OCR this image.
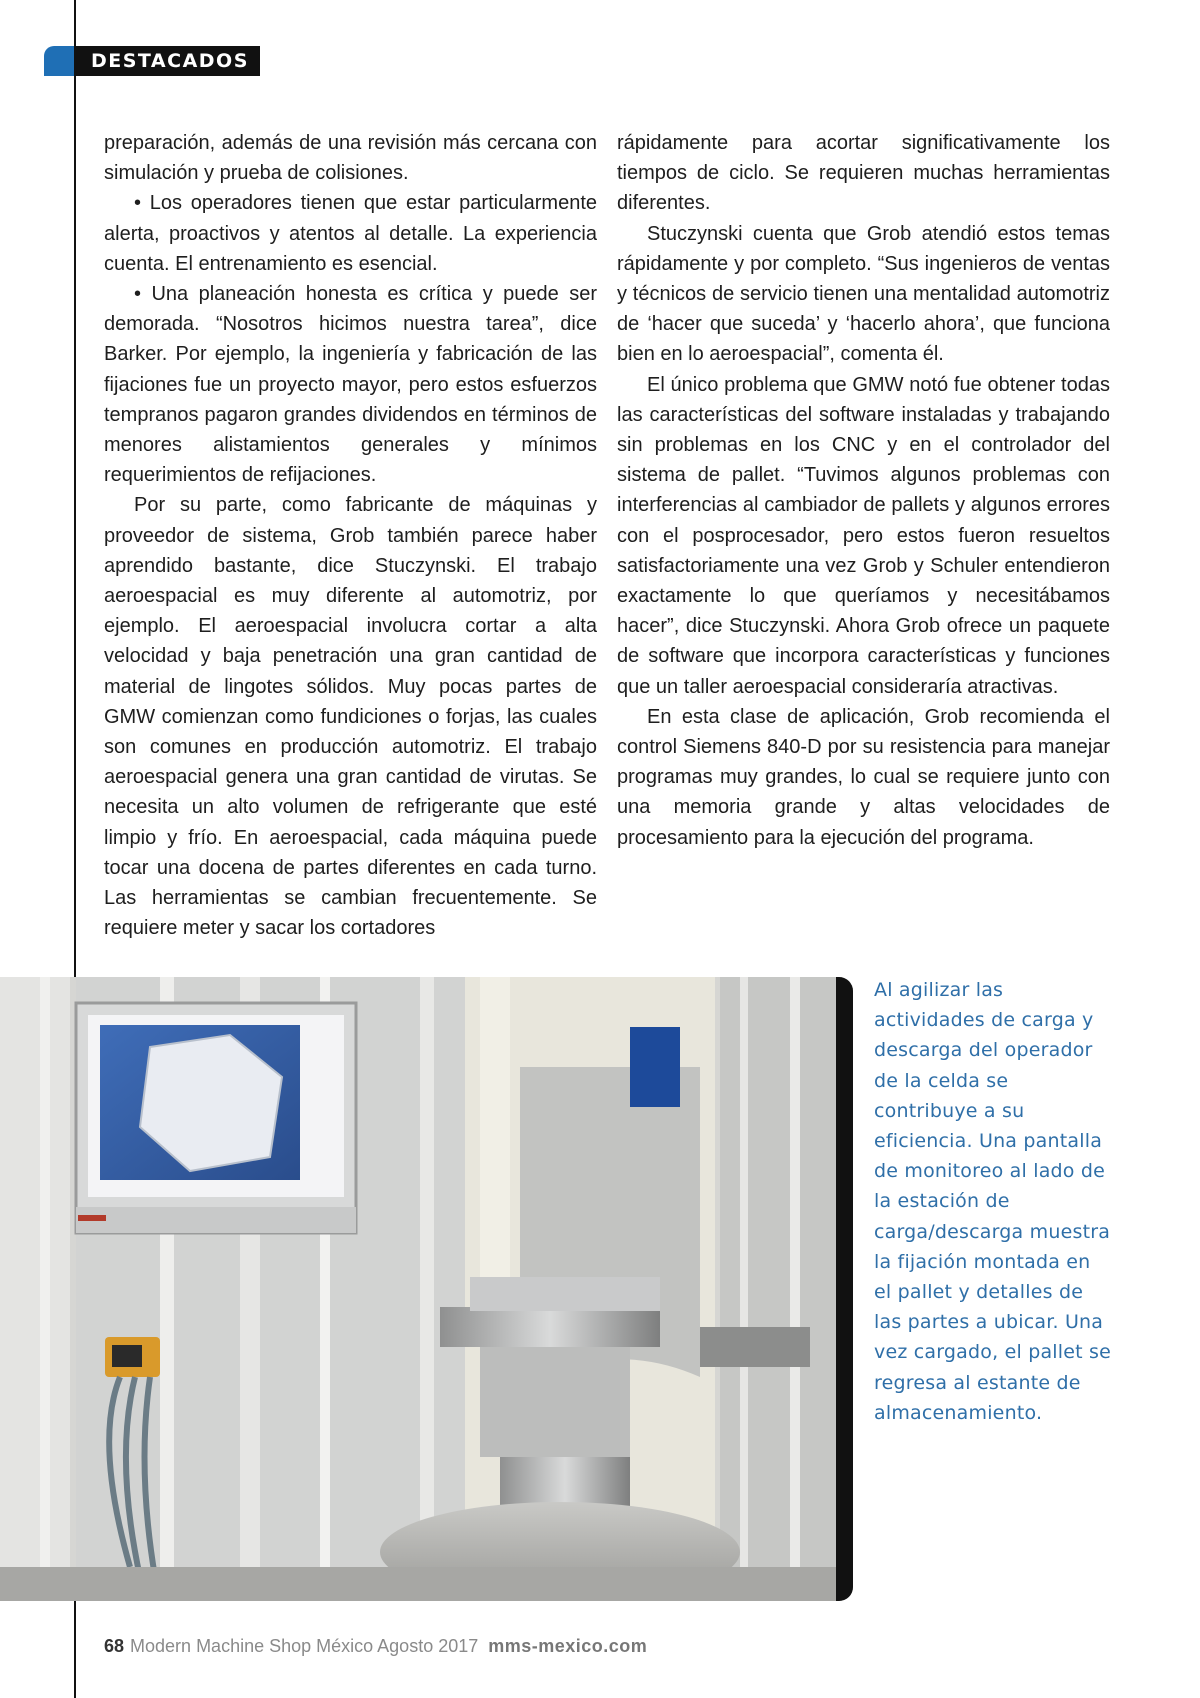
DESTACADOS

preparación, además de una revisión más cercana con simulación y prueba de colisiones.

• Los operadores tienen que estar particularmente alerta, proactivos y atentos al detalle. La experiencia cuenta. El entrenamiento es esencial.

• Una planeación honesta es crítica y puede ser demorada. “Nosotros hicimos nuestra tarea”, dice Barker. Por ejemplo, la ingeniería y fabricación de las fijaciones fue un proyecto mayor, pero estos esfuerzos tempranos pagaron grandes dividendos en términos de menores alistamientos generales y mínimos requerimientos de refijaciones.

Por su parte, como fabricante de máquinas y proveedor de sistema, Grob también parece haber aprendido bastante, dice Stuczynski. El trabajo aeroespacial es muy diferente al automotriz, por ejemplo. El aeroespacial involucra cortar a alta velocidad y baja penetración una gran cantidad de material de lingotes sólidos. Muy pocas partes de GMW comienzan como fundiciones o forjas, las cuales son comunes en producción automotriz. El trabajo aeroespacial genera una gran cantidad de virutas. Se necesita un alto volumen de refrigerante que esté limpio y frío. En aeroespacial, cada máquina puede tocar una docena de partes diferentes en cada turno. Las herramientas se cambian frecuentemente. Se requiere meter y sacar los cortadores

rápidamente para acortar significativamente los tiempos de ciclo. Se requieren muchas herramientas diferentes.

Stuczynski cuenta que Grob atendió estos temas rápidamente y por completo. “Sus ingenieros de ventas y técnicos de servicio tienen una mentalidad automotriz de ‘hacer que suceda’ y ‘hacerlo ahora’, que funciona bien en lo aeroespacial”, comenta él.

El único problema que GMW notó fue obtener todas las características del software instaladas y trabajando sin problemas en los CNC y en el controlador del sistema de pallet. “Tuvimos algunos problemas con interferencias al cambiador de pallets y algunos errores con el posprocesador, pero estos fueron resueltos satisfactoriamente una vez Grob y Schuler entendieron exactamente lo que queríamos y necesitábamos hacer”, dice Stuczynski. Ahora Grob ofrece un paquete de software que incorpora características y funciones que un taller aeroespacial consideraría atractivas.

En esta clase de aplicación, Grob recomienda el control Siemens 840-D por su resistencia para manejar programas muy grandes, lo cual se requiere junto con una memoria grande y altas velocidades de procesamiento para la ejecución del programa.

Al agilizar las actividades de carga y descarga del operador de la celda se contribuye a su eficiencia. Una pantalla de monitoreo al lado de la estación de carga/descarga muestra la fijación montada en el pallet y detalles de las partes a ubicar. Una vez cargado, el pallet se regresa al estante de almacenamiento.
68 Modern Machine Shop México Agosto 2017 mms-mexico.com
